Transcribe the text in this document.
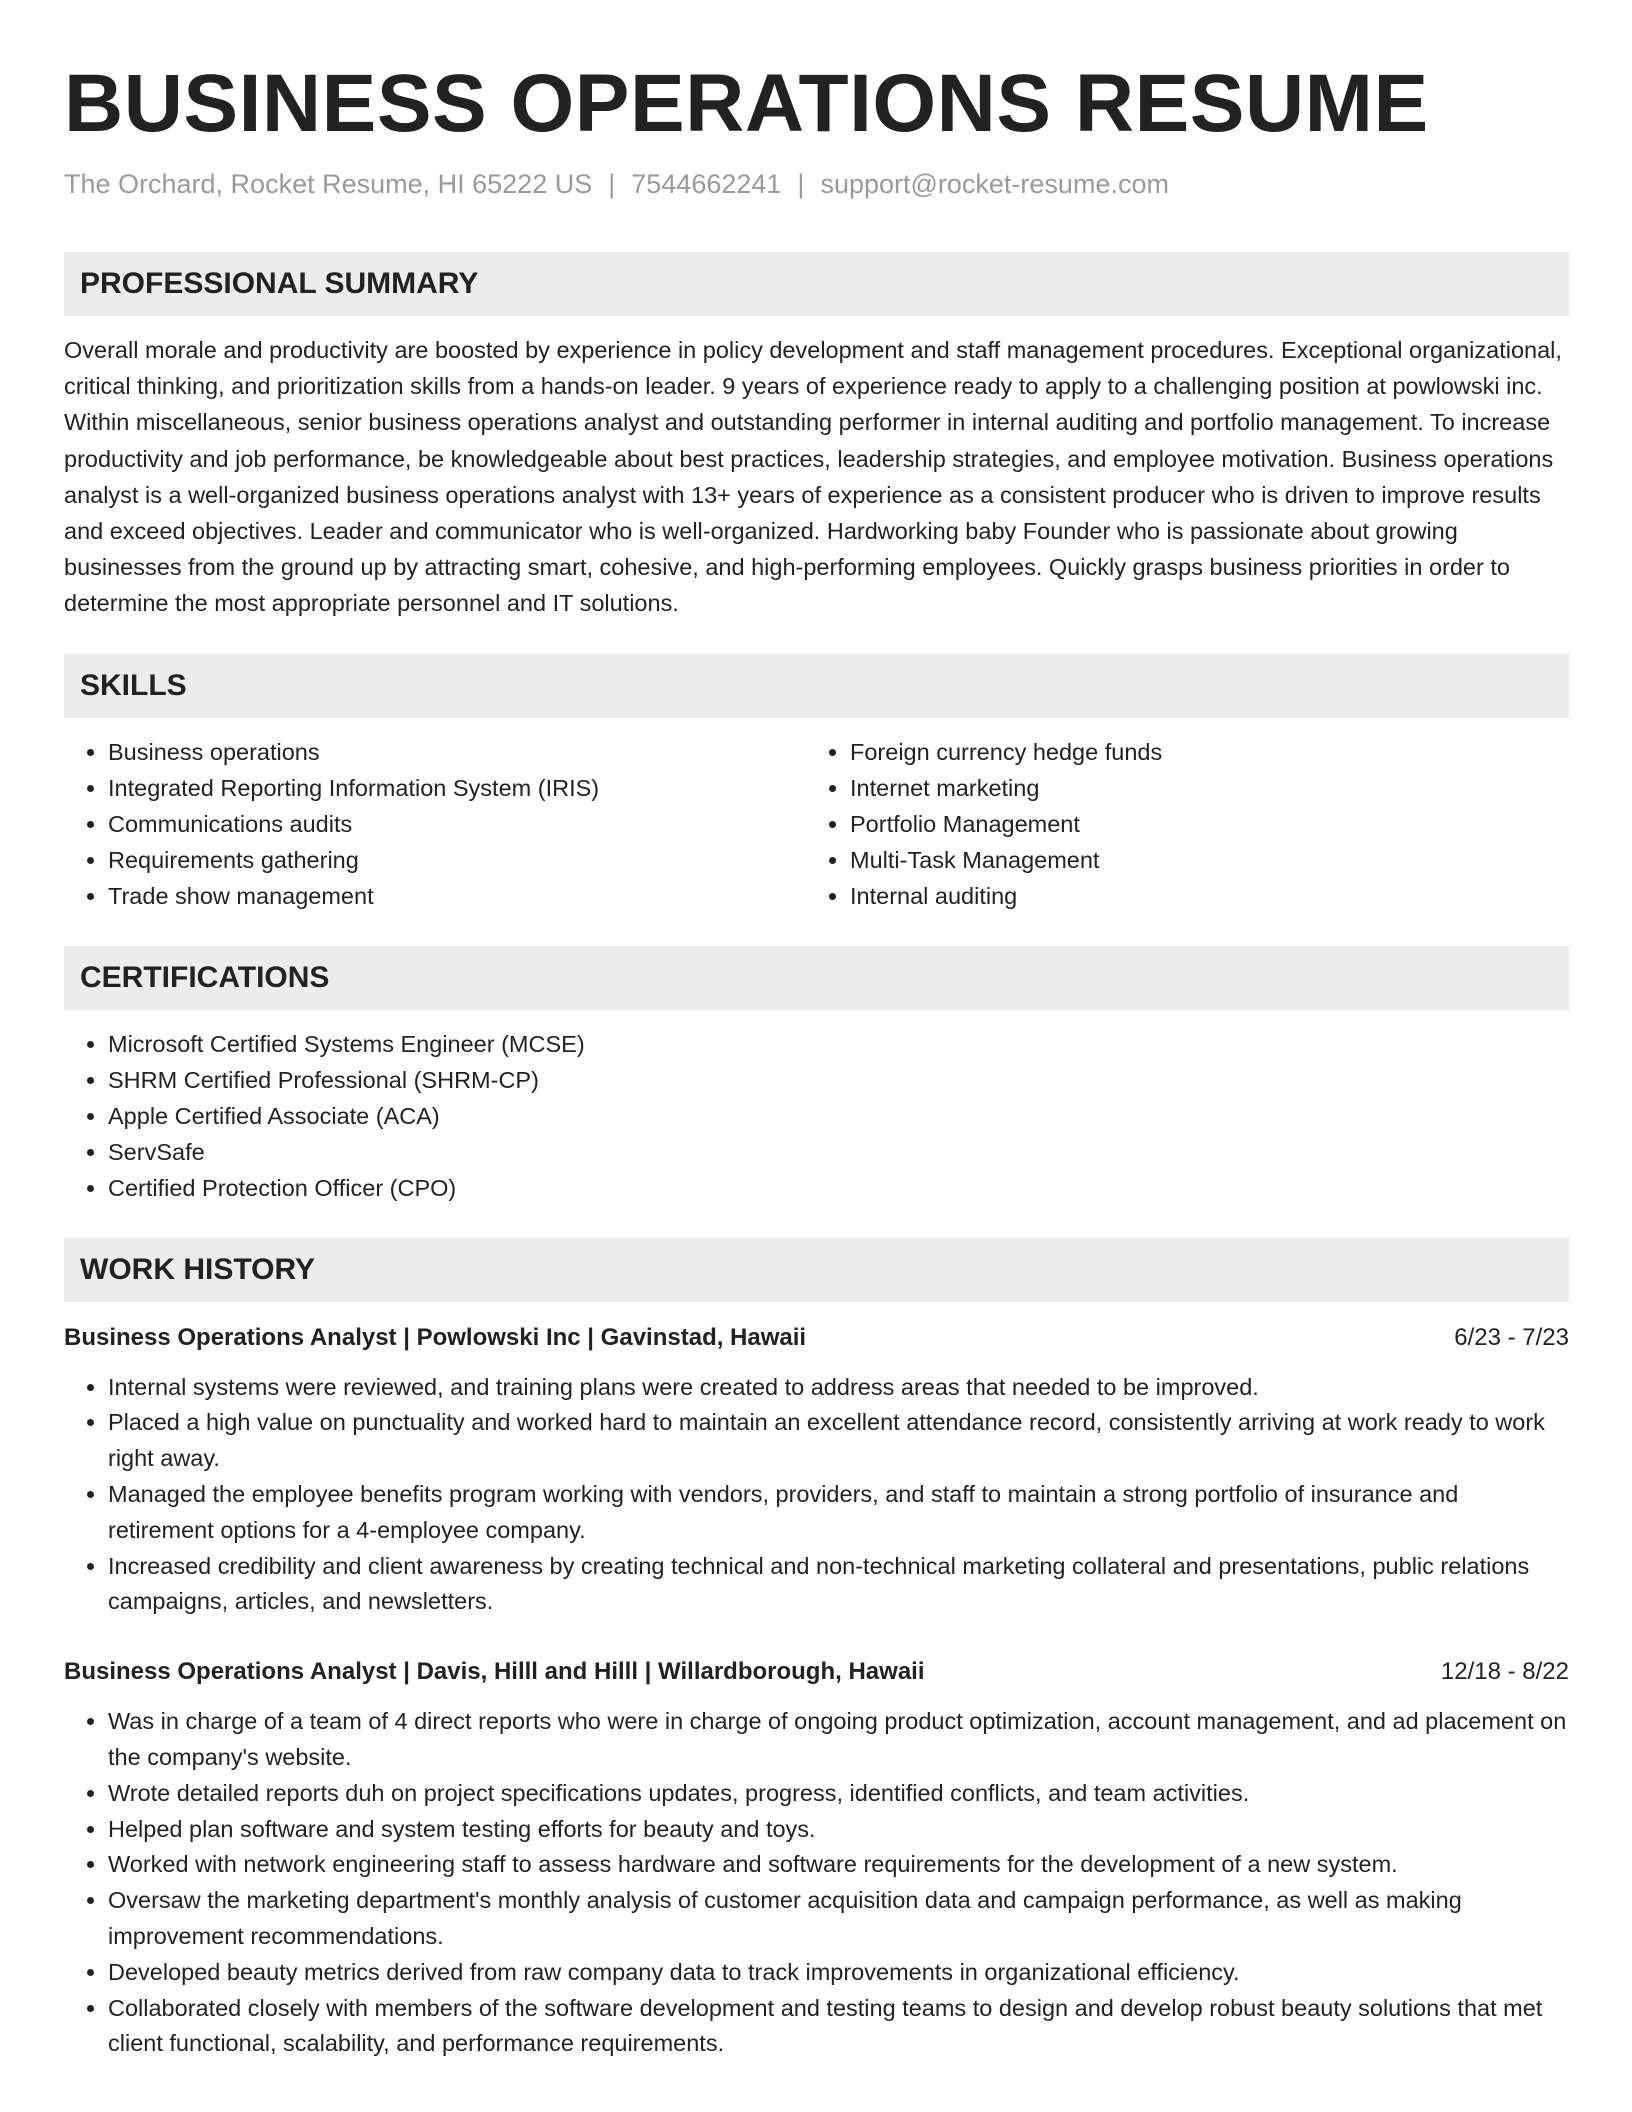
BUSINESS OPERATIONS RESUME
The Orchard, Rocket Resume, HI 65222 US | 7544662241 | support@rocket-resume.com
PROFESSIONAL SUMMARY
Overall morale and productivity are boosted by experience in policy development and staff management procedures. Exceptional organizational, critical thinking, and prioritization skills from a hands-on leader. 9 years of experience ready to apply to a challenging position at powlowski inc. Within miscellaneous, senior business operations analyst and outstanding performer in internal auditing and portfolio management. To increase productivity and job performance, be knowledgeable about best practices, leadership strategies, and employee motivation. Business operations analyst is a well-organized business operations analyst with 13+ years of experience as a consistent producer who is driven to improve results and exceed objectives. Leader and communicator who is well-organized. Hardworking baby Founder who is passionate about growing businesses from the ground up by attracting smart, cohesive, and high-performing employees. Quickly grasps business priorities in order to determine the most appropriate personnel and IT solutions.
SKILLS
• Business operations
• Integrated Reporting Information System (IRIS)
• Communications audits
• Requirements gathering
• Trade show management
• Foreign currency hedge funds
• Internet marketing
• Portfolio Management
• Multi-Task Management
• Internal auditing
CERTIFICATIONS
• Microsoft Certified Systems Engineer (MCSE)
• SHRM Certified Professional (SHRM-CP)
• Apple Certified Associate (ACA)
• ServSafe
• Certified Protection Officer (CPO)
WORK HISTORY
Business Operations Analyst | Powlowski Inc | Gavinstad, Hawaii	6/23 - 7/23
• Internal systems were reviewed, and training plans were created to address areas that needed to be improved.
• Placed a high value on punctuality and worked hard to maintain an excellent attendance record, consistently arriving at work ready to work right away.
• Managed the employee benefits program working with vendors, providers, and staff to maintain a strong portfolio of insurance and retirement options for a 4-employee company.
• Increased credibility and client awareness by creating technical and non-technical marketing collateral and presentations, public relations campaigns, articles, and newsletters.
Business Operations Analyst | Davis, Hilll and Hilll | Willardborough, Hawaii	12/18 - 8/22
• Was in charge of a team of 4 direct reports who were in charge of ongoing product optimization, account management, and ad placement on the company's website.
• Wrote detailed reports duh on project specifications updates, progress, identified conflicts, and team activities.
• Helped plan software and system testing efforts for beauty and toys.
• Worked with network engineering staff to assess hardware and software requirements for the development of a new system.
• Oversaw the marketing department's monthly analysis of customer acquisition data and campaign performance, as well as making improvement recommendations.
• Developed beauty metrics derived from raw company data to track improvements in organizational efficiency.
• Collaborated closely with members of the software development and testing teams to design and develop robust beauty solutions that met client functional, scalability, and performance requirements.
